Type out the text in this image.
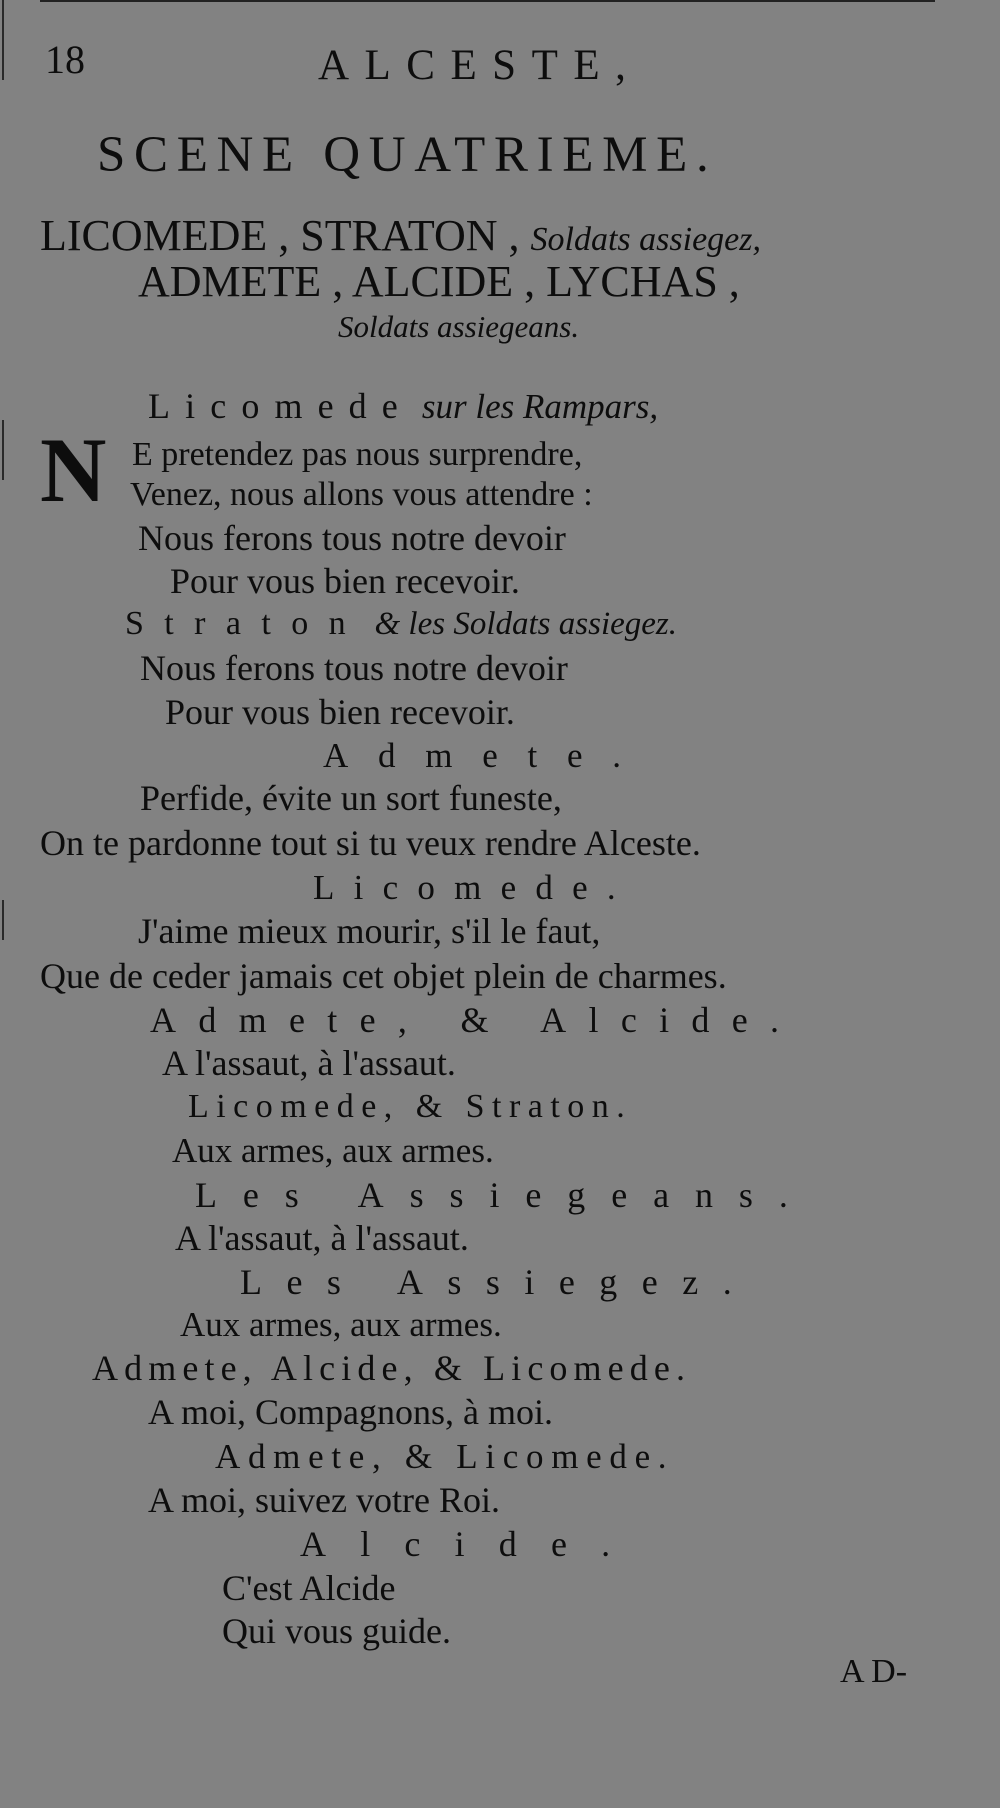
18	ALCESTE,
SCENE QUATRIEME.
LICOMEDE , STRATON , Soldats assiegez,
ADMETE , ALCIDE , LYCHAS ,
Soldats assiegeans.
Licomede sur les Rampars,
N E pretendez pas nous surprendre,
Venez, nous allons vous attendre :
Nous ferons tous notre devoir
Pour vous bien recevoir.
Straton & les Soldats assiegez.
Nous ferons tous notre devoir
Pour vous bien recevoir.
Admete.
Perfide, évite un sort funeste,
On te pardonne tout si tu veux rendre Alceste.
Licomede.
J'aime mieux mourir, s'il le faut,
Que de ceder jamais cet objet plein de charmes.
Admete, & Alcide.
A l'assaut, à l'assaut.
Licomede, & Straton.
Aux armes, aux armes.
Les Assiegeans.
A l'assaut, à l'assaut.
Les Assiegez.
Aux armes, aux armes.
Admete, Alcide, & Licomede.
A moi, Compagnons, à moi.
Admete, & Licomede.
A moi, suivez votre Roi.
Alcide.
C'est Alcide
Qui vous guide.
A D-
